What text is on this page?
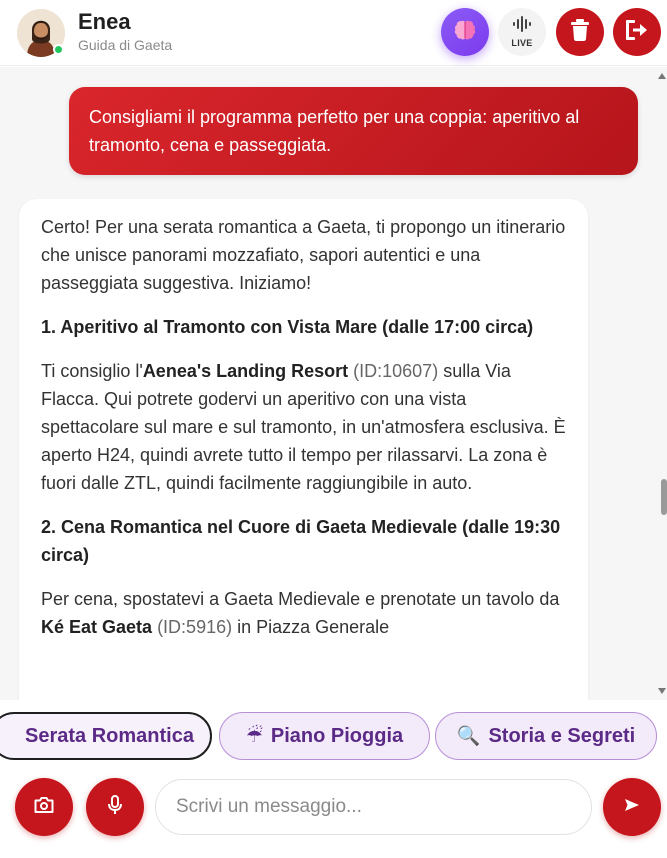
Enea
Guida di Gaeta	LIVE
Consigliami il programma perfetto per una coppia: aperitivo al tramonto, cena e passeggiata.

Certo! Per una serata romantica a Gaeta, ti propongo un itinerario che unisce panorami mozzafiato, sapori autentici e una passeggiata suggestiva. Iniziamo!

1. Aperitivo al Tramonto con Vista Mare (dalle 17:00 circa)

Ti consiglio l'Aenea's Landing Resort (ID:10607) sulla Via Flacca. Qui potrete godervi un aperitivo con una vista spettacolare sul mare e sul tramonto, in un'atmosfera esclusiva. È aperto H24, quindi avrete tutto il tempo per rilassarvi. La zona è fuori dalle ZTL, quindi facilmente raggiungibile in auto.

2. Cena Romantica nel Cuore di Gaeta Medievale (dalle 19:30 circa)

Per cena, spostatevi a Gaeta Medievale e prenotate un tavolo da Ké Eat Gaeta (ID:5916) in Piazza Generale

Serata Romantica	☔ Piano Pioggia	🔍 Storia e Segreti
Scrivi un messaggio...
